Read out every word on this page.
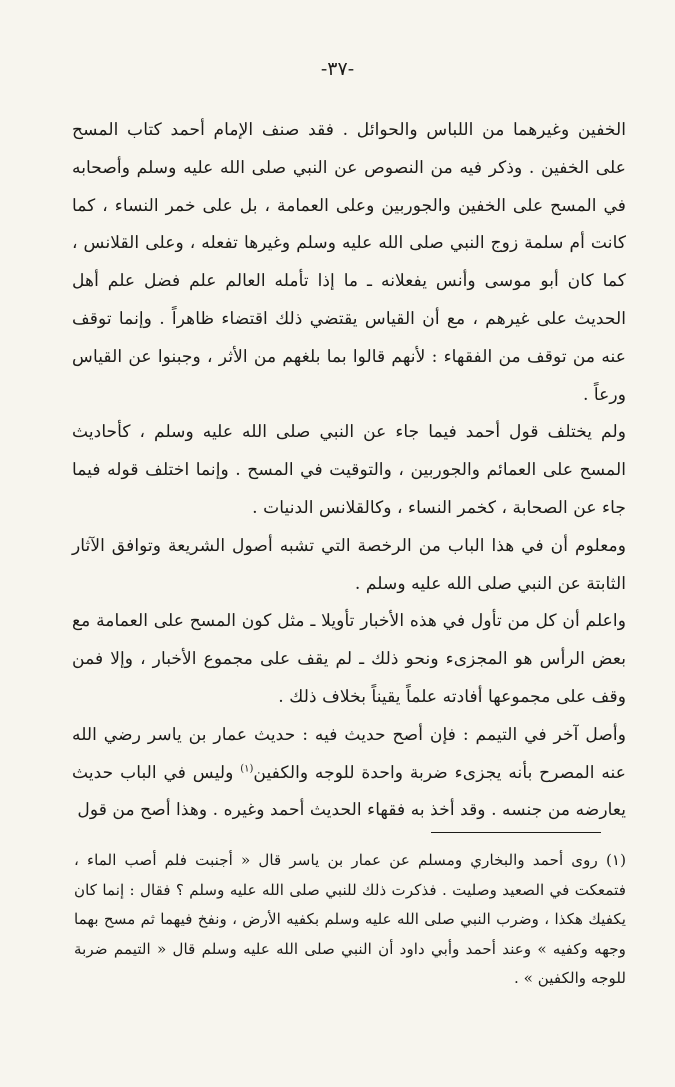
-٣٧-

الخفين وغيرهما من اللباس والحوائل . فقد صنف الإمام أحمد كتاب المسح على الخفين . وذكر فيه من النصوص عن النبي صلى الله عليه وسلم وأصحابه في المسح على الخفين والجوربين وعلى العمامة ، بل على خمر النساء ، كما كانت أم سلمة زوج النبي صلى الله عليه وسلم وغيرها تفعله ، وعلى القلانس ، كما كان أبو موسى وأنس يفعلانه ـ ما إذا تأمله العالم علم فضل علم أهل الحديث على غيرهم ، مع أن القياس يقتضي ذلك اقتضاء ظاهراً . وإنما توقف عنه من توقف من الفقهاء : لأنهم قالوا بما بلغهم من الأثر ، وجبنوا عن القياس ورعاً .

ولم يختلف قول أحمد فيما جاء عن النبي صلى الله عليه وسلم ، كأحاديث المسح على العمائم والجوربين ، والتوقيت في المسح . وإنما اختلف قوله فيما جاء عن الصحابة ، كخمر النساء ، وكالقلانس الدنيات .

ومعلوم أن في هذا الباب من الرخصة التي تشبه أصول الشريعة وتوافق الآثار الثابتة عن النبي صلى الله عليه وسلم .

واعلم أن كل من تأول في هذه الأخبار تأويلا ـ مثل كون المسح على العمامة مع بعض الرأس هو المجزىء ونحو ذلك ـ لم يقف على مجموع الأخبار ، وإلا فمن وقف على مجموعها أفادته علماً يقيناً بخلاف ذلك .

وأصل آخر في التيمم : فإن أصح حديث فيه : حديث عمار بن ياسر رضي الله عنه المصرح بأنه يجزىء ضربة واحدة للوجه والكفين$^{(١)}$ وليس في الباب حديث يعارضه من جنسه . وقد أخذ به فقهاء الحديث أحمد وغيره . وهذا أصح من قول

(١) روى أحمد والبخاري ومسلم عن عمار بن ياسر قال « أجنبت فلم أصب الماء ، فتمعكت في الصعيد وصليت . فذكرت ذلك للنبي صلى الله عليه وسلم ؟ فقال : إنما كان يكفيك هكذا ، وضرب النبي صلى الله عليه وسلم بكفيه الأرض ، ونفخ فيهما ثم مسح بهما وجهه وكفيه » وعند أحمد وأبي داود أن النبي صلى الله عليه وسلم قال « التيمم ضربة للوجه والكفين » .
